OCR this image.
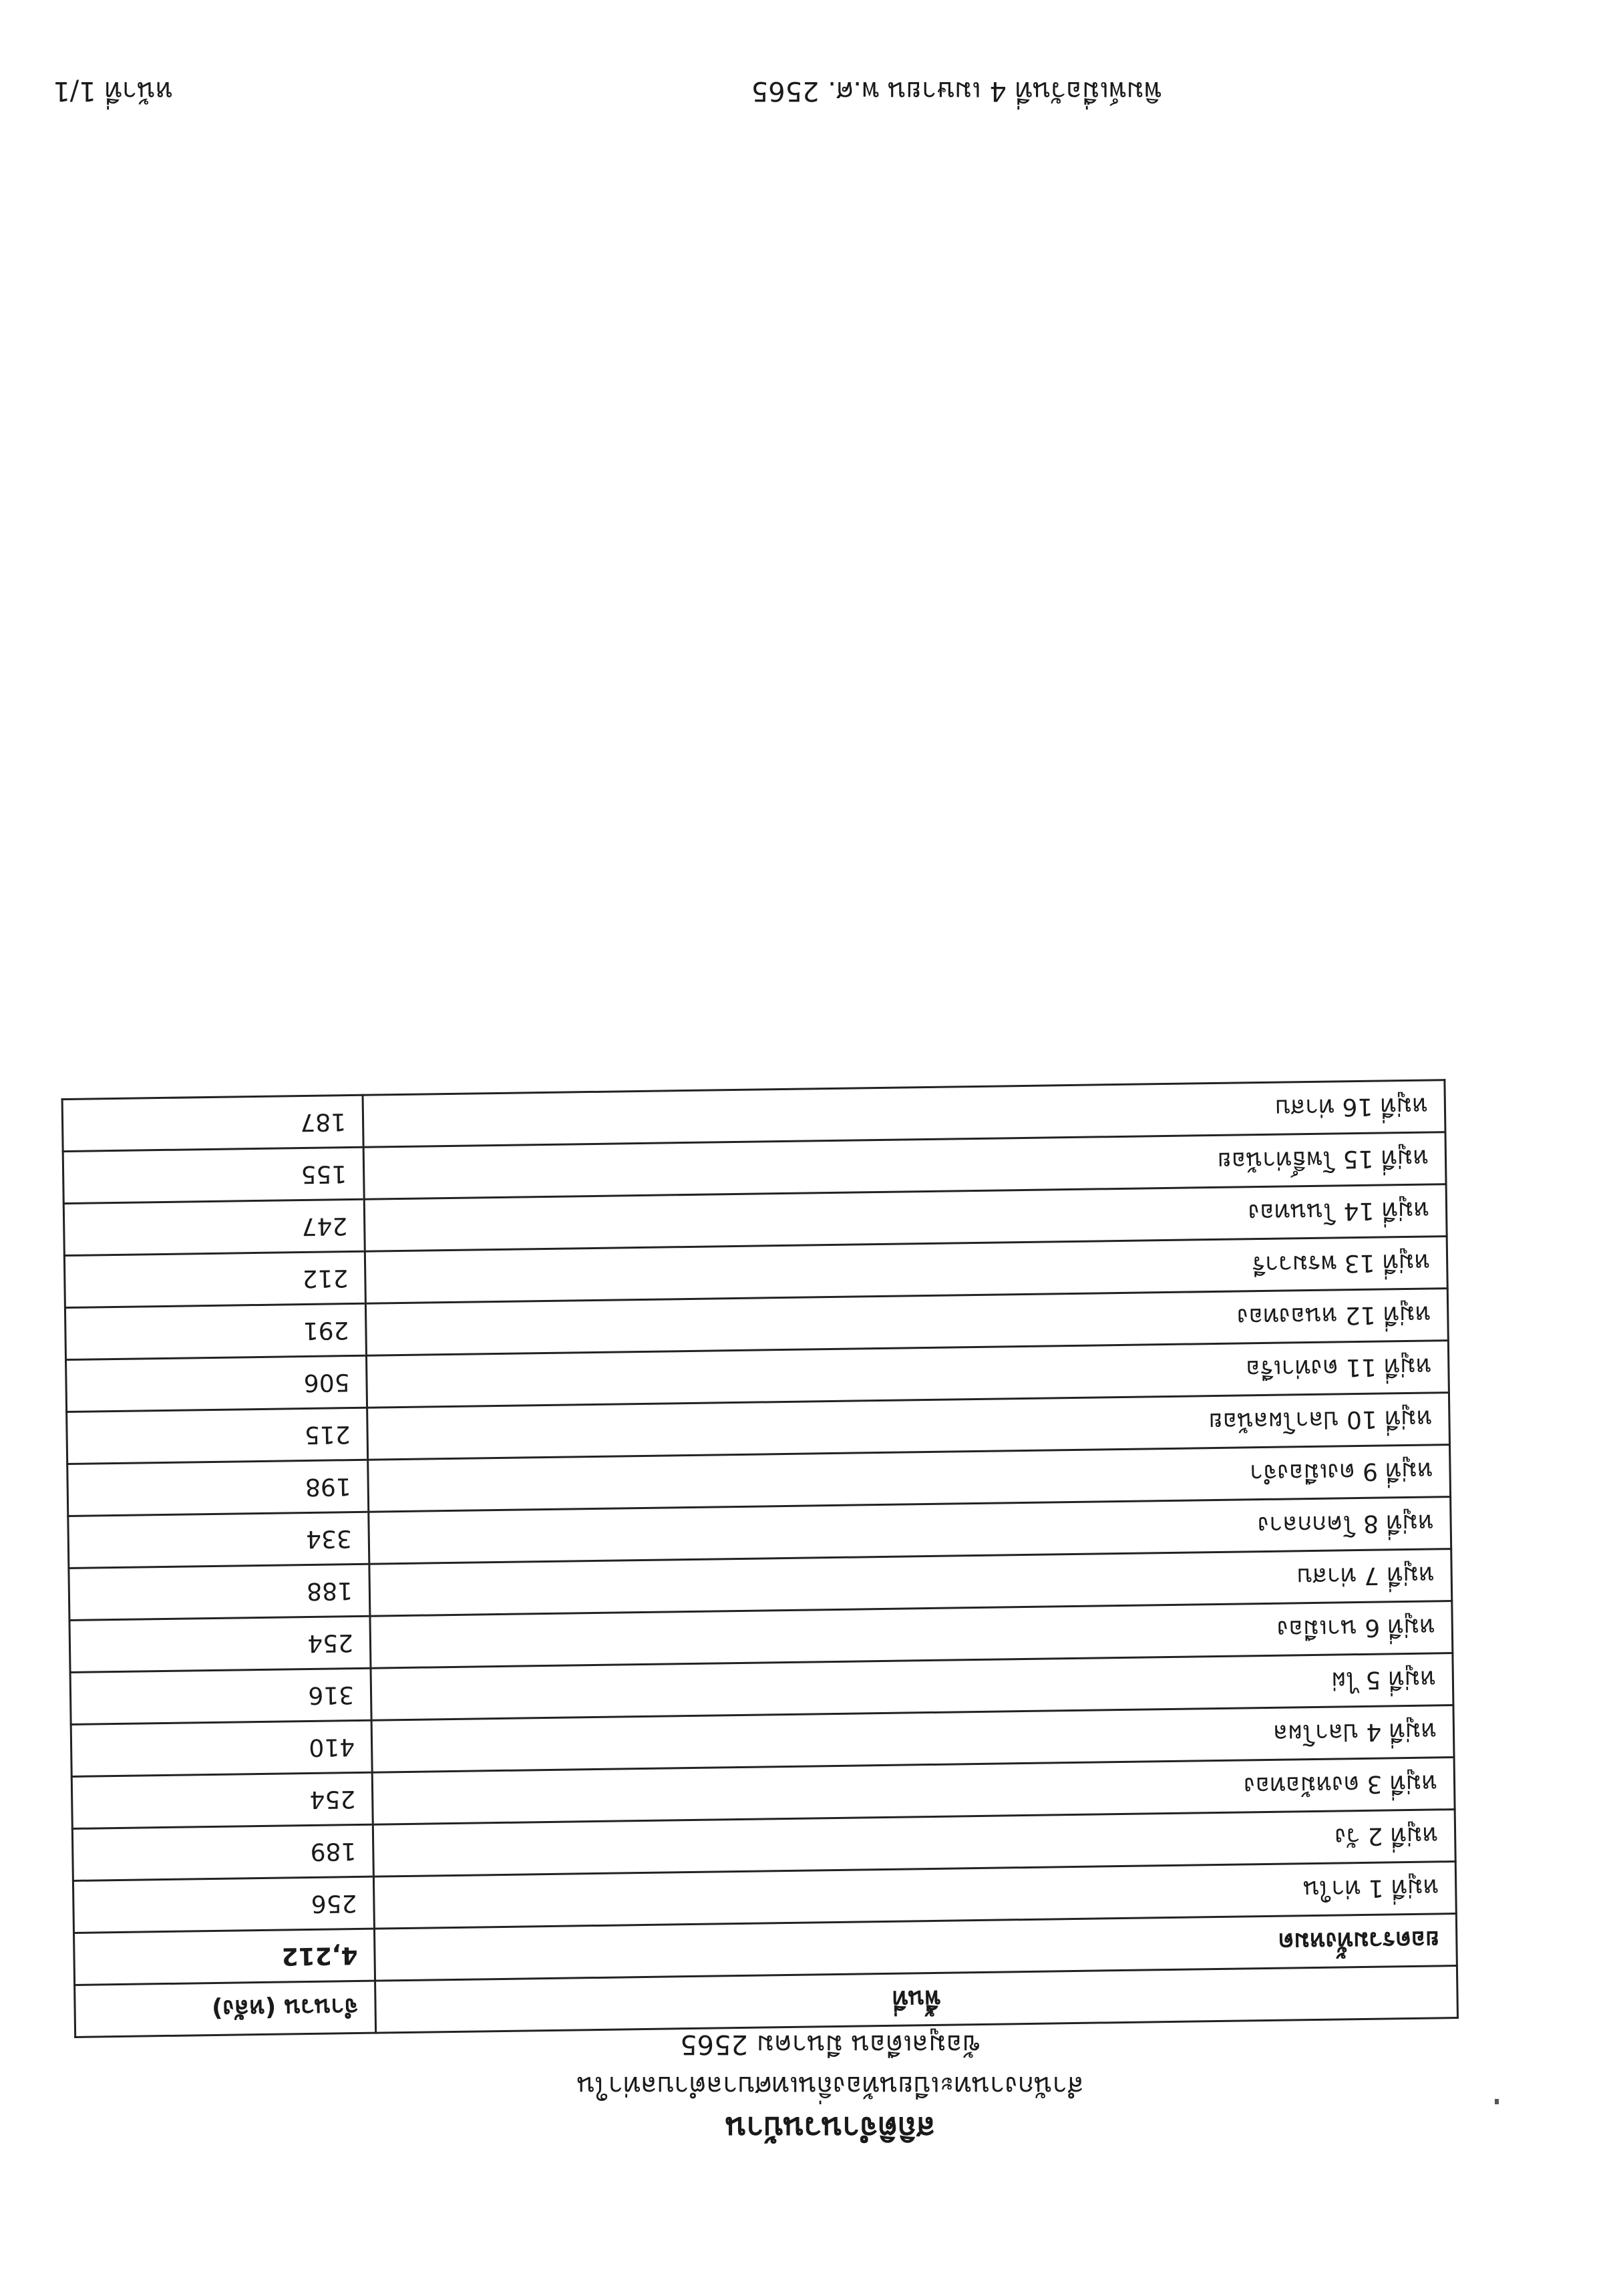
สถิติจำนวนบ้าน
สำนักงานทะเบียนท้องถิ่นเทศบาลตำบลท่าใน
ข้อมูลเดือน มีนาคม 2565
พื้นที่	จำนวน (หลัง)
ยอดรวมทั้งหมด	4,212
หมู่ที่ 1 ท่าใน	256
หมู่ที่ 2 วัง	189
หมู่ที่ 3 ดงหม้อทอง	254
หมู่ที่ 4 ปลาโผล	410
หมู่ที่ 5 ไผ่	316
หมู่ที่ 6 นาเมือง	254
หมู่ที่ 7 ท่าสบ	188
หมู่ที่ 8 โคกกลาง	334
หมู่ที่ 9 ดงเมืองจำ	198
หมู่ที่ 10 ปลาโผลน้อย	215
หมู่ที่ 11 ดงท่าเรือ	506
หมู่ที่ 12 หนองทอง	291
หมู่ที่ 13 พรมวารี	212
หมู่ที่ 14 โนนทอง	247
หมู่ที่ 15 โพธิ์ท่าน้อย	155
หมู่ที่ 16 ท่าสบ	187
พิมพ์เมื่อวันที่ 4 เมษายน พ.ศ. 2565
หน้าที่ 1/1
